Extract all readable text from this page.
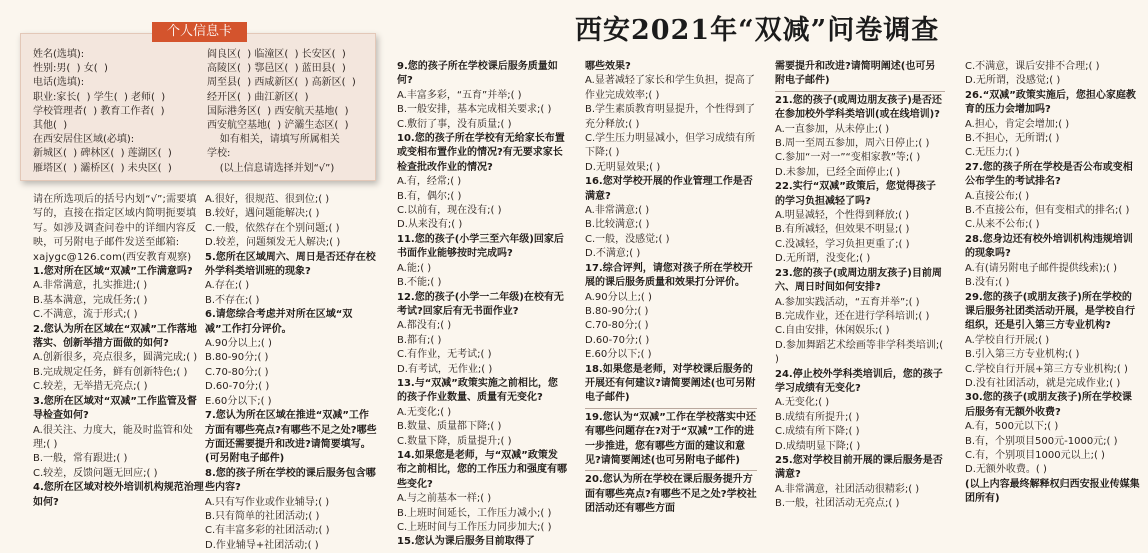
西安2021年“双减”问卷调查
姓名(选填):
性别:男(  ) 女(  )
电话(选填):
职业:家长(  ) 学生(  ) 老师(  )
学校管理者(  ) 教育工作者(  )
其他(  )
在西安居住区域(必填):
新城区(  ) 碑林区(  ) 莲湖区(  )
雁塔区(  ) 灞桥区(  ) 未央区(  )
阎良区(  ) 临潼区(  ) 长安区(  )
高陵区(  ) 鄠邑区(  ) 蓝田县(  )
周至县(  ) 西咸新区(  ) 高新区(  )
经开区(  ) 曲江新区(  )
国际港务区(  ) 西安航天基地(  )
西安航空基地(  ) 浐灞生态区(  )
如有相关，请填写所属相关
学校:
(以上信息请选择并划“√”)
个人信息卡

请在所选项后的括号内划“√”;需要填写的，直接在指定区域内简明扼要填写。如涉及调查问卷中的详细内容反映，可另附电子邮件发送至邮箱: xajygc@126.com(西安教育观察)

1.您对所在区域“双减”工作满意吗?

A.非常满意，扎实推进;( )

B.基本满意，完成任务;( )

C.不满意，流于形式;( )

2.您认为所在区域在“双减”工作落地落实、创新举措方面做的如何?

A.创新很多，亮点很多，圆满完成;( )

B.完成规定任务，鲜有创新特色;( )

C.较差，无举措无亮点;( )

3.您所在区域对“双减”工作监管及督导检查如何?

A.很关注、力度大，能及时监管和处理;( )

B.一般，常有跟进;( )

C.较差，反馈问题无回应;( )

4.您所在区域对校外培训机构规范治理如何?

A.很好，很规范、很到位;( )

B.较好，遇问题能解决;( )

C.一般，依然存在个别问题;( )

D.较差，问题频发无人解决;( )

5.您所在区域周六、周日是否还存在校外学科类培训班的现象?

A.存在;( )

B.不存在;( )

6.请您综合考虑并对所在区域“双减”工作打分评价。

A.90分以上;( )

B.80-90分;( )

C.70-80分;( )

D.60-70分;( )

E.60分以下;( )

7.您认为所在区域在推进“双减”工作方面有哪些亮点?有哪些不足之处?哪些方面还需要提升和改进?请简要填写。(可另附电子邮件)

8.您的孩子所在学校的课后服务包含哪些内容?

A.只有写作业或作业辅导;( )

B.只有简单的社团活动;( )

C.有丰富多彩的社团活动;( )

D.作业辅导+社团活动;( )

9.您的孩子所在学校课后服务质量如何?

A.丰富多彩，“五育”并举;( )

B.一般安排，基本完成相关要求;( )

C.敷衍了事，没有质量;( )

10.您的孩子所在学校有无给家长布置或变相布置作业的情况?有无要求家长检查批改作业的情况?

A.有，经常;( )

B.有，偶尔;( )

C.以前有，现在没有;( )

D.从来没有;( )

11.您的孩子(小学三至六年级)回家后书面作业能够按时完成吗?

A.能;( )

B.不能;( )

12.您的孩子(小学一二年级)在校有无考试?回家后有无书面作业?

A.都没有;( )

B.都有;( )

C.有作业，无考试;( )

D.有考试，无作业;( )

13.与“双减”政策实施之前相比，您的孩子作业数量、质量有无变化?

A.无变化;( )

B.数量、质量都下降;( )

C.数量下降，质量提升;( )

14.如果您是老师，与“双减”政策发布之前相比，您的工作压力和强度有哪些变化?

A.与之前基本一样;( )

B.上班时间延长，工作压力减小;( )

C.上班时间与工作压力同步加大;( )

15.您认为课后服务目前取得了

哪些效果?

A.显著减轻了家长和学生负担，提高了作业完成效率;( )

B.学生素质教育明显提升，个性得到了充分释放;( )

C.学生压力明显减小，但学习成绩有所下降;( )

D.无明显效果;( )

16.您对学校开展的作业管理工作是否满意?

A.非常满意;( )

B.比较满意;( )

C.一般，没感觉;( )

D.不满意;( )

17.综合评判，请您对孩子所在学校开展的课后服务质量和效果打分评价。

A.90分以上;( )

B.80-90分;( )

C.70-80分;( )

D.60-70分;( )

E.60分以下;( )

18.如果您是老师，对学校课后服务的开展还有何建议?请简要阐述(也可另附电子邮件)

19.您认为“双减”工作在学校落实中还有哪些问题存在?对于“双减”工作的进一步推进，您有哪些方面的建议和意见?请简要阐述(也可另附电子邮件)

20.您认为所在学校在课后服务提升方面有哪些亮点?有哪些不足之处?学校社团活动还有哪些方面

需要提升和改进?请简明阐述(也可另附电子邮件)

21.您的孩子(或周边朋友孩子)是否还在参加校外学科类培训(或在线培训)?

A.一直参加，从未停止;( )

B.周一至周五参加，周六日停止;( )

C.参加“一对一”“变相家教”等;( )

D.未参加，已经全面停止;( )

22.实行“双减”政策后，您觉得孩子的学习负担减轻了吗?

A.明显减轻，个性得到释放;( )

B.有所减轻，但效果不明显;( )

C.没减轻，学习负担更重了;( )

D.无所谓，没变化;( )

23.您的孩子(或周边朋友孩子)目前周六、周日时间如何安排?

A.参加实践活动，“五育并举”;( )

B.完成作业，还在进行学科培训;( )

C.自由安排，休闲娱乐;( )

D.参加舞蹈艺术绘画等非学科类培训;( )

24.停止校外学科类培训后，您的孩子学习成绩有无变化?

A.无变化;( )

B.成绩有所提升;( )

C.成绩有所下降;( )

D.成绩明显下降;( )

25.您对学校目前开展的课后服务是否满意?

A.非常满意，社团活动很精彩;( )

B.一般，社团活动无亮点;( )

C.不满意，课后安排不合理;( )

D.无所谓，没感觉;( )

26.“双减”政策实施后，您担心家庭教育的压力会增加吗?

A.担心，肯定会增加;( )

B.不担心，无所谓;( )

C.无压力;( )

27.您的孩子所在学校是否公布或变相公布学生的考试排名?

A.直接公布;( )

B.不直接公布，但有变相式的排名;( )

C.从来不公布;( )

28.您身边还有校外培训机构违规培训的现象吗?

A.有(请另附电子邮件提供线索);( )

B.没有;( )

29.您的孩子(或朋友孩子)所在学校的课后服务社团类活动开展，是学校自行组织，还是引入第三方专业机构?

A.学校自行开展;( )

B.引入第三方专业机构;( )

C.学校自行开展+第三方专业机构;( )

D.没有社团活动，就是完成作业;( )

30.您的孩子(或朋友孩子)所在学校课后服务有无额外收费?

A.有，500元以下;( )

B.有，个别项目500元-1000元;( )

C.有，个别项目1000元以上;( )

D.无额外收费。( )

(以上内容最终解释权归西安报业传媒集团所有)
